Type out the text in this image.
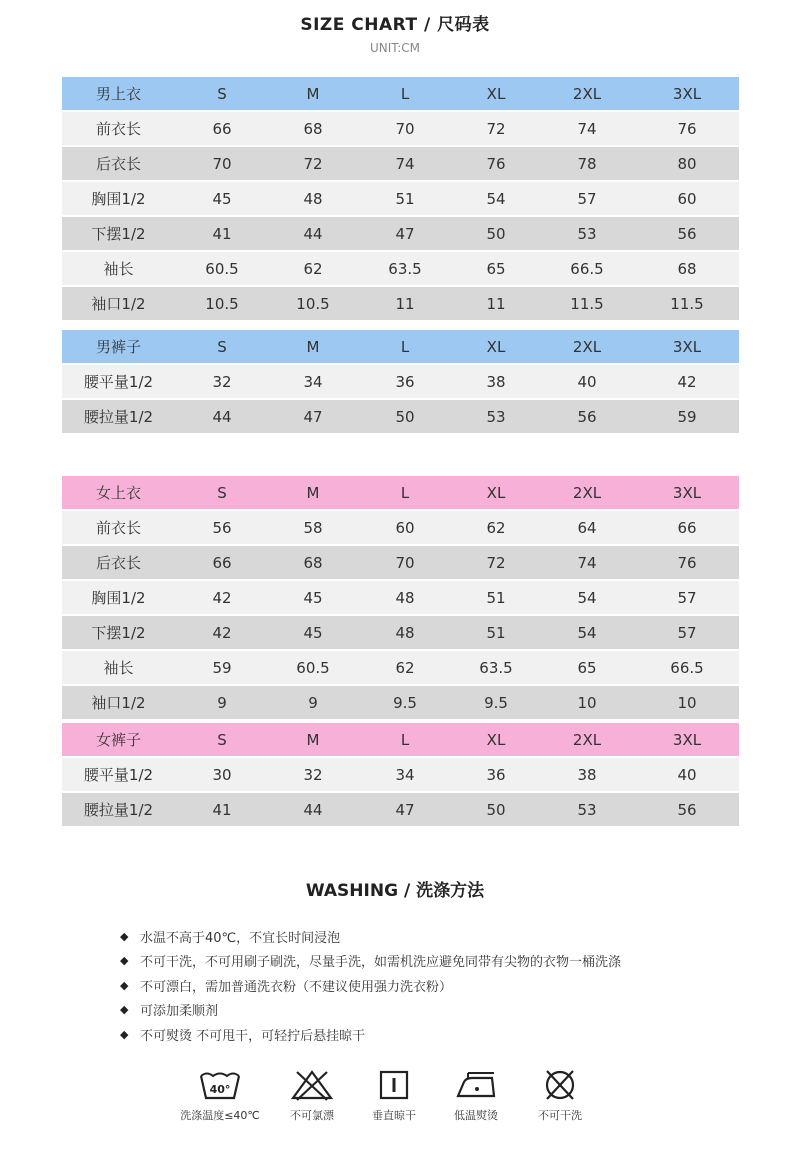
SIZE CHART / 尺码表
UNIT:CM
男上衣	S	M	L	XL	2XL	3XL
前衣长	66	68	70	72	74	76
后衣长	70	72	74	76	78	80
胸围1/2	45	48	51	54	57	60
下摆1/2	41	44	47	50	53	56
袖长	60.5	62	63.5	65	66.5	68
袖口1/2	10.5	10.5	11	11	11.5	11.5
男裤子	S	M	L	XL	2XL	3XL
腰平量1/2	32	34	36	38	40	42
腰拉量1/2	44	47	50	53	56	59
女上衣	S	M	L	XL	2XL	3XL
前衣长	56	58	60	62	64	66
后衣长	66	68	70	72	74	76
胸围1/2	42	45	48	51	54	57
下摆1/2	42	45	48	51	54	57
袖长	59	60.5	62	63.5	65	66.5
袖口1/2	9	9	9.5	9.5	10	10
女裤子	S	M	L	XL	2XL	3XL
腰平量1/2	30	32	34	36	38	40
腰拉量1/2	41	44	47	50	53	56
WASHING / 洗涤方法
◆ 水温不高于40℃，不宜长时间浸泡
◆ 不可干洗，不可用刷子刷洗，尽量手洗，如需机洗应避免同带有尖物的衣物一桶洗涤
◆ 不可漂白，需加普通洗衣粉（不建议使用强力洗衣粉）
◆ 可添加柔顺剂
◆ 不可熨烫 不可甩干，可轻拧后悬挂晾干
40°
洗涤温度≤40℃	不可氯漂	垂直晾干	低温熨烫	不可干洗
